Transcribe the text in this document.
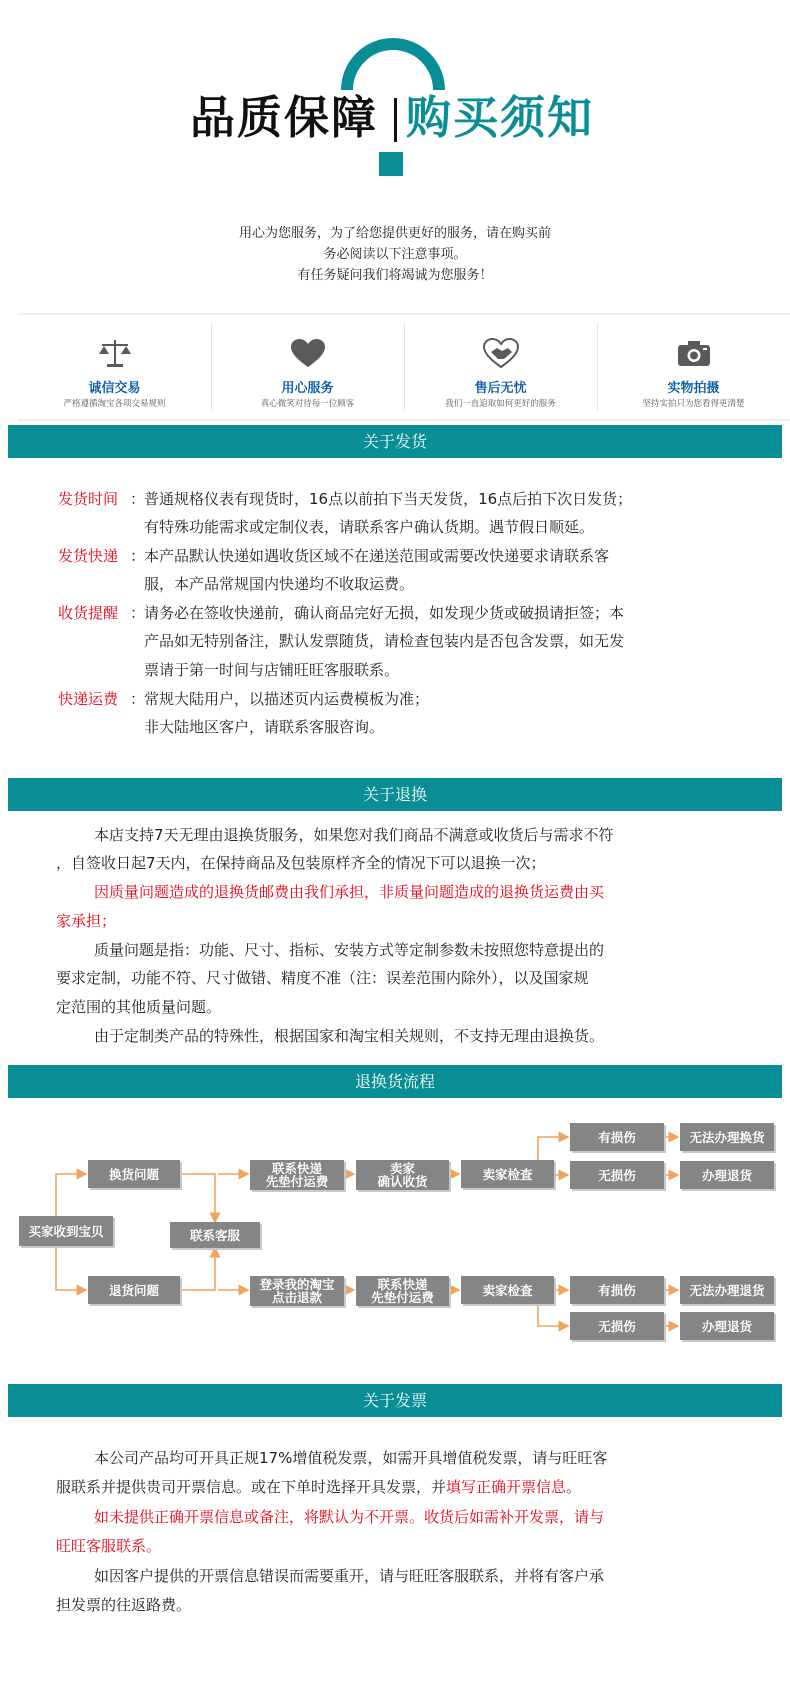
品质保障 购买须知
用心为您服务，为了给您提供更好的服务，请在购买前
务必阅读以下注意事项。
有任务疑问我们将竭诚为您服务！
诚信交易
严格遵循淘宝各项交易规则
用心服务
真心微笑对待每一位顾客
售后无忧
我们一直追取如何更好的服务
实物拍摄
坚持实拍只为您看得更清楚
关于发货
发货时间 ：
普通规格仪表有现货时，16点以前拍下当天发货，16点后拍下次日发货；
有特殊功能需求或定制仪表，请联系客户确认货期。遇节假日顺延。
发货快递 ：
本产品默认快递如遇收货区域不在递送范围或需要改快递要求请联系客
服，本产品常规国内快递均不收取运费。
收货提醒 ：
请务必在签收快递前，确认商品完好无损，如发现少货或破损请拒签；本
产品如无特别备注，默认发票随货，请检查包装内是否包含发票，如无发
票请于第一时间与店铺旺旺客服联系。
快递运费 ：
常规大陆用户，以描述页内运费模板为准；
非大陆地区客户，请联系客服咨询。
关于退换
本店支持7天无理由退换货服务，如果您对我们商品不满意或收货后与需求不符
，自签收日起7天内，在保持商品及包装原样齐全的情况下可以退换一次；
因质量问题造成的退换货邮费由我们承担，非质量问题造成的退换货运费由买
家承担；
质量问题是指：功能、尺寸、指标、安装方式等定制参数未按照您特意提出的
要求定制，功能不符、尺寸做错、精度不准（注：误差范围内除外），以及国家规
定范围的其他质量问题。
由于定制类产品的特殊性，根据国家和淘宝相关规则，不支持无理由退换货。
退换货流程
买家收到宝贝
换货问题
退货问题
联系客服
联系快递
先垫付运费
卖家
确认收货	卖家检查
有损伤
无损伤
无法办理换货
办理退货
登录我的淘宝
点击退款
联系快递
先垫付运费	卖家检查	有损伤
无损伤
无法办理退货
办理退货
关于发票
本公司产品均可开具正规17%增值税发票，如需开具增值税发票，请与旺旺客
服联系并提供贵司开票信息。或在下单时选择开具发票，并填写正确开票信息。
如未提供正确开票信息或备注，将默认为不开票。收货后如需补开发票，请与
旺旺客服联系。
如因客户提供的开票信息错误而需要重开，请与旺旺客服联系，并将有客户承
担发票的往返路费。
